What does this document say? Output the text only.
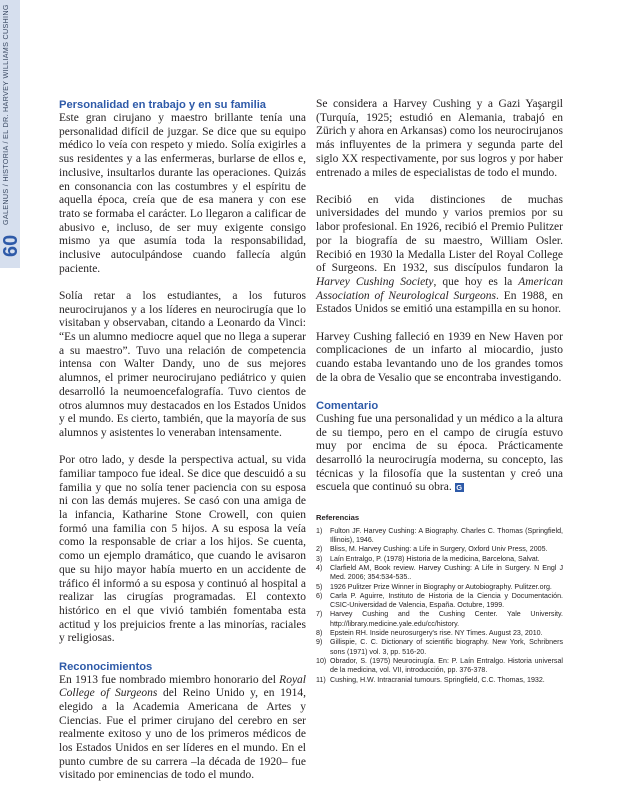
GALENUS / HISTORIA / EL DR. HARVEY WILLIAMS CUSHING
60
Personalidad en trabajo y en su familia

Este gran cirujano y maestro brillante tenía una personalidad difícil de juzgar. Se dice que su equipo médico lo veía con respeto y miedo. Solía exigirles a sus residentes y a las enfermeras, burlarse de ellos e, inclusive, insultarlos durante las operaciones. Quizás en consonancia con las costumbres y el espíritu de aquella época, creía que de esa manera y con ese trato se formaba el carácter. Lo llegaron a calificar de abusivo e, incluso, de ser muy exigente consigo mismo ya que asumía toda la responsabilidad, inclusive autoculpándose cuando fallecía algún paciente.

Solía retar a los estudiantes, a los futuros neurocirujanos y a los líderes en neurocirugía que lo visitaban y observaban, citando a Leonardo da Vinci: “Es un alumno mediocre aquel que no llega a superar a su maestro”. Tuvo una relación de competencia intensa con Walter Dandy, uno de sus mejores alumnos, el primer neurocirujano pediátrico y quien desarrolló la neumoencefalografía. Tuvo cientos de otros alumnos muy destacados en los Estados Unidos y el mundo. Es cierto, también, que la mayoría de sus alumnos y asistentes lo veneraban intensamente.

Por otro lado, y desde la perspectiva actual, su vida familiar tampoco fue ideal. Se dice que descuidó a su familia y que no solía tener paciencia con su esposa ni con las demás mujeres. Se casó con una amiga de la infancia, Katharine Stone Crowell, con quien formó una familia con 5 hijos. A su esposa la veía como la responsable de criar a los hijos. Se cuenta, como un ejemplo dramático, que cuando le avisaron que su hijo mayor había muerto en un accidente de tráfico él informó a su esposa y continuó al hospital a realizar las cirugías programadas. El contexto histórico en el que vivió también fomentaba esta actitud y los prejuicios frente a las minorías, raciales y religiosas.

Reconocimientos

En 1913 fue nombrado miembro honorario del Royal College of Surgeons del Reino Unido y, en 1914, elegido a la Academia Americana de Artes y Ciencias. Fue el primer cirujano del cerebro en ser realmente exitoso y uno de los primeros médicos de los Estados Unidos en ser líderes en el mundo. En el punto cumbre de su carrera –la década de 1920– fue visitado por eminencias de todo el mundo.

Se considera a Harvey Cushing y a Gazi Yaşargil (Turquía, 1925; estudió en Alemania, trabajó en Zürich y ahora en Arkansas) como los neurocirujanos más influyentes de la primera y segunda parte del siglo XX respectivamente, por sus logros y por haber entrenado a miles de especialistas de todo el mundo.

Recibió en vida distinciones de muchas universidades del mundo y varios premios por su labor profesional. En 1926, recibió el Premio Pulitzer por la biografía de su maestro, William Osler. Recibió en 1930 la Medalla Lister del Royal College of Surgeons. En 1932, sus discípulos fundaron la Harvey Cushing Society, que hoy es la American Association of Neurological Surgeons. En 1988, en Estados Unidos se emitió una estampilla en su honor.

Harvey Cushing falleció en 1939 en New Haven por complicaciones de un infarto al miocardio, justo cuando estaba levantando uno de los grandes tomos de la obra de Vesalio que se encontraba investigando.

Comentario

Cushing fue una personalidad y un médico a la altura de su tiempo, pero en el campo de cirugía estuvo muy por encima de su época. Prácticamente desarrolló la neurocirugía moderna, su concepto, las técnicas y la filosofía que la sustentan y creó una escuela que continuó su obra. G

Referencias
1)	Fulton JF. Harvey Cushing: A Biography. Charles C. Thomas (Springfield, Illinois), 1946.
2)	Bliss, M. Harvey Cushing: a Life in Surgery, Oxford Univ Press, 2005.
3)	Laín Entralgo, P. (1978) Historia de la medicina, Barcelona, Salvat.
4)	Clarfield AM, Book review. Harvey Cushing: A Life in Surgery. N Engl J Med. 2006; 354:534-535..
5)	1926 Pulitzer Prize Winner in Biography or Autobiography. Pulitzer.org.
6)	Carla P. Aguirre, Instituto de Historia de la Ciencia y Documentación. CSIC-Universidad de Valencia, España. Octubre, 1999.
7)	Harvey Cushing and the Cushing Center. Yale University. http://library.medicine.yale.edu/cc/history.
8)	Epstein RH. Inside neurosurgery's rise. NY Times. August 23, 2010.
9)	Gillispie, C. C. Dictionary of scientific biography. New York, Schribners sons (1971) vol. 3, pp. 516-20.
10) Obrador, S. (1975) Neurocirugía. En: P. Laín Entralgo. Historia universal de la medicina, vol. VII, introducción, pp. 376-378.
11) Cushing, H.W. Intracranial tumours. Springfield, C.C. Thomas, 1932.
